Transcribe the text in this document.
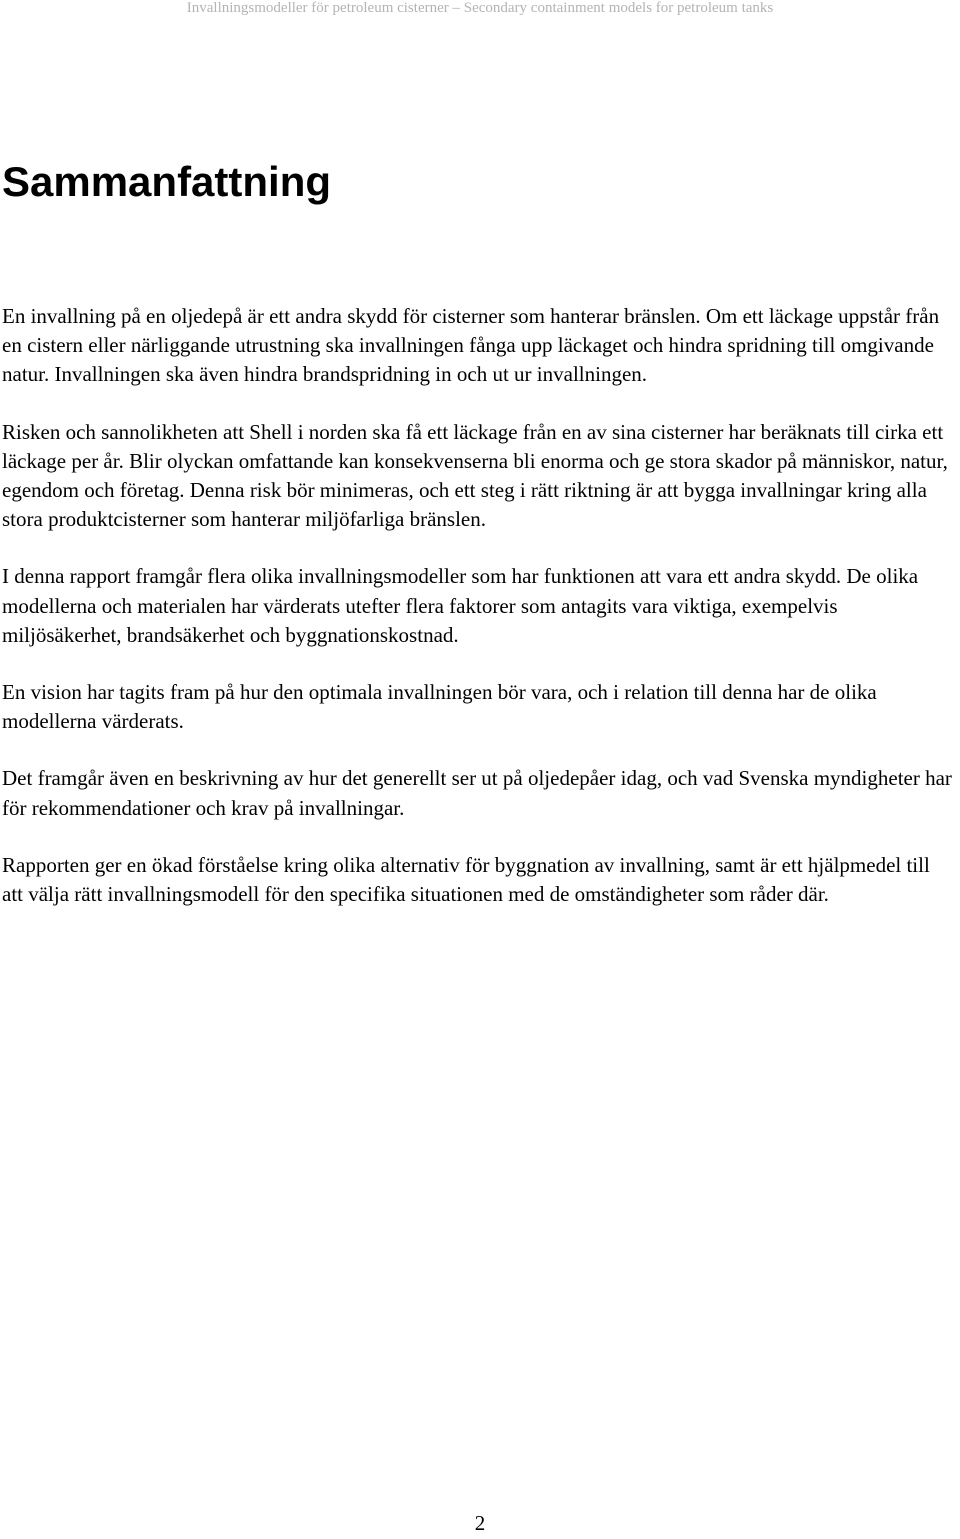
Invallningsmodeller för petroleum cisterner – Secondary containment models for petroleum tanks
Sammanfattning

En invallning på en oljedepå är ett andra skydd för cisterner som hanterar bränslen. Om ett läckage uppstår från en cistern eller närliggande utrustning ska invallningen fånga upp läckaget och hindra spridning till omgivande natur. Invallningen ska även hindra brandspridning in och ut ur invallningen.

Risken och sannolikheten att Shell i norden ska få ett läckage från en av sina cisterner har beräknats till cirka ett läckage per år. Blir olyckan omfattande kan konsekvenserna bli enorma och ge stora skador på människor, natur, egendom och företag. Denna risk bör minimeras, och ett steg i rätt riktning är att bygga invallningar kring alla stora produktcisterner som hanterar miljöfarliga bränslen.

I denna rapport framgår flera olika invallningsmodeller som har funktionen att vara ett andra skydd. De olika modellerna och materialen har värderats utefter flera faktorer som antagits vara viktiga, exempelvis miljösäkerhet, brandsäkerhet och byggnationskostnad.

En vision har tagits fram på hur den optimala invallningen bör vara, och i relation till denna har de olika modellerna värderats.

Det framgår även en beskrivning av hur det generellt ser ut på oljedepåer idag, och vad Svenska myndigheter har för rekommendationer och krav på invallningar.

Rapporten ger en ökad förståelse kring olika alternativ för byggnation av invallning, samt är ett hjälpmedel till att välja rätt invallningsmodell för den specifika situationen med de omständigheter som råder där.

2
